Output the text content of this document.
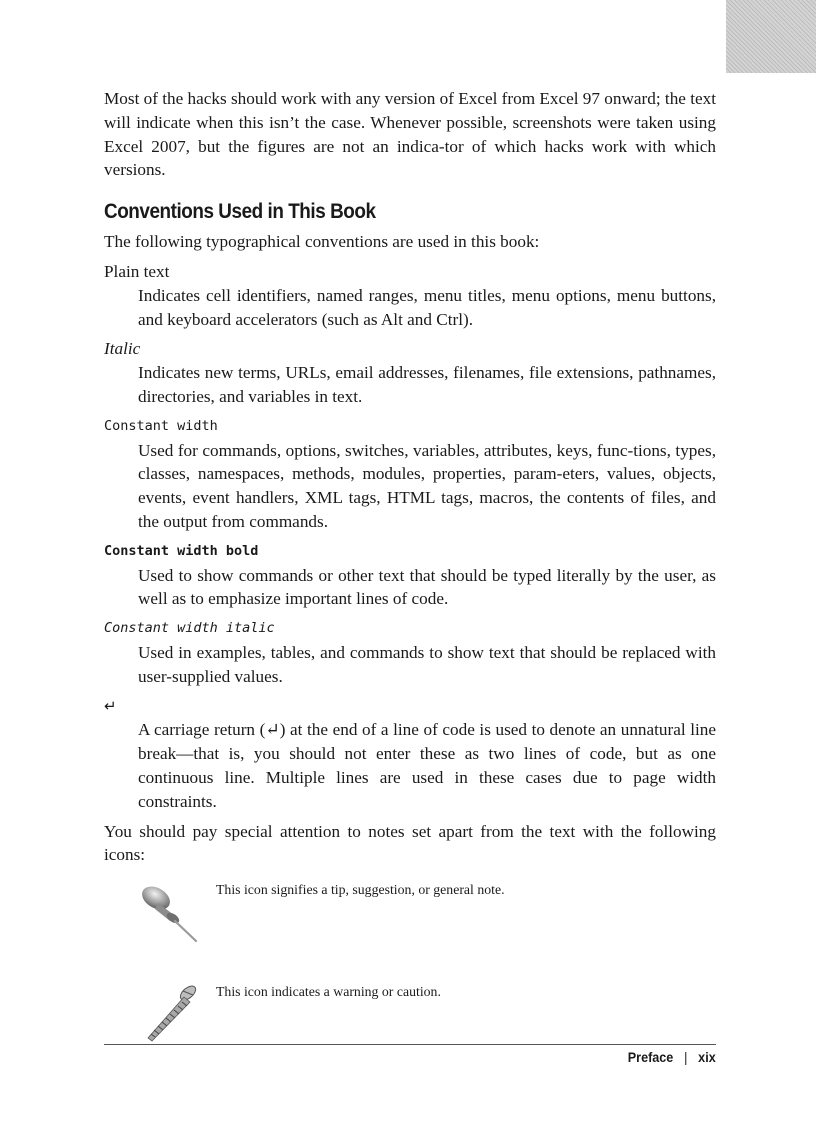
Most of the hacks should work with any version of Excel from Excel 97 onward; the text will indicate when this isn’t the case. Whenever possible, screenshots were taken using Excel 2007, but the figures are not an indica-tor of which hacks work with which versions.

Conventions Used in This Book

The following typographical conventions are used in this book:

Plain text
Indicates cell identifiers, named ranges, menu titles, menu options, menu buttons, and keyboard accelerators (such as Alt and Ctrl).
Italic
Indicates new terms, URLs, email addresses, filenames, file extensions, pathnames, directories, and variables in text.
Constant width
Used for commands, options, switches, variables, attributes, keys, func-tions, types, classes, namespaces, methods, modules, properties, param-eters, values, objects, events, event handlers, XML tags, HTML tags, macros, the contents of files, and the output from commands.
Constant width bold
Used to show commands or other text that should be typed literally by the user, as well as to emphasize important lines of code.
Constant width italic
Used in examples, tables, and commands to show text that should be replaced with user-supplied values.
↵
A carriage return (↵) at the end of a line of code is used to denote an unnatural line break—that is, you should not enter these as two lines of code, but as one continuous line. Multiple lines are used in these cases due to page width constraints.

You should pay special attention to notes set apart from the text with the following icons:

This icon signifies a tip, suggestion, or general note.
This icon indicates a warning or caution.
Preface | xix
